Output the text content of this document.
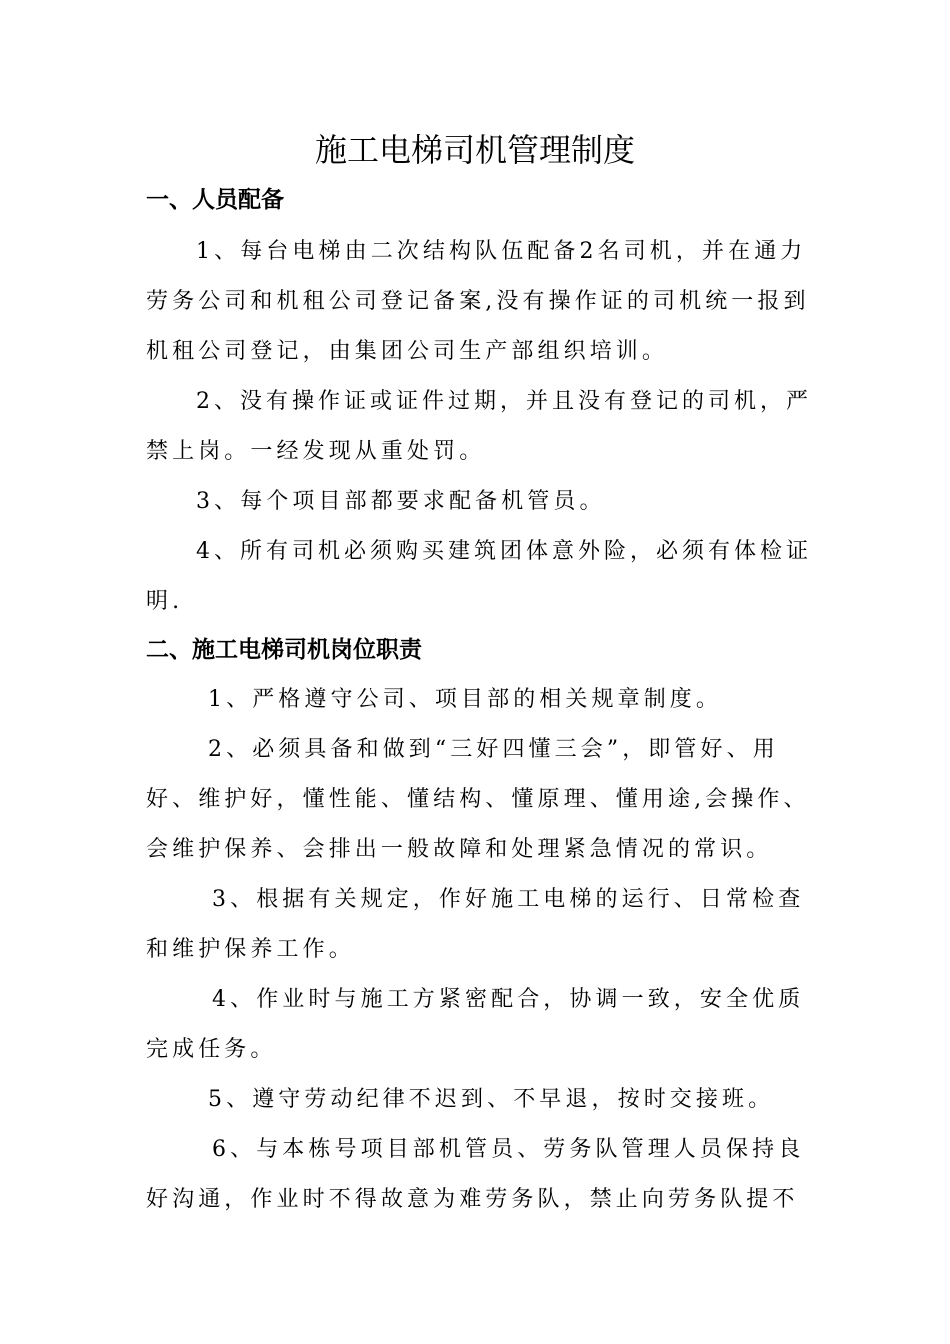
施工电梯司机管理制度
一、人员配备

1、每台电梯由二次结构队伍配备2名司机，并在通力

劳务公司和机租公司登记备案,没有操作证的司机统一报到

机租公司登记，由集团公司生产部组织培训。

2、没有操作证或证件过期，并且没有登记的司机，严

禁上岗。一经发现从重处罚。

3、每个项目部都要求配备机管员。

4、所有司机必须购买建筑团体意外险，必须有体检证

明.

二、施工电梯司机岗位职责

1、严格遵守公司、项目部的相关规章制度。

2、必须具备和做到“三好四懂三会”，即管好、用

好、维护好，懂性能、懂结构、懂原理、懂用途,会操作、

会维护保养、会排出一般故障和处理紧急情况的常识。

3、根据有关规定，作好施工电梯的运行、日常检查

和维护保养工作。

4、作业时与施工方紧密配合，协调一致，安全优质

完成任务。

5、遵守劳动纪律不迟到、不早退，按时交接班。

6、与本栋号项目部机管员、劳务队管理人员保持良

好沟通，作业时不得故意为难劳务队，禁止向劳务队提不
